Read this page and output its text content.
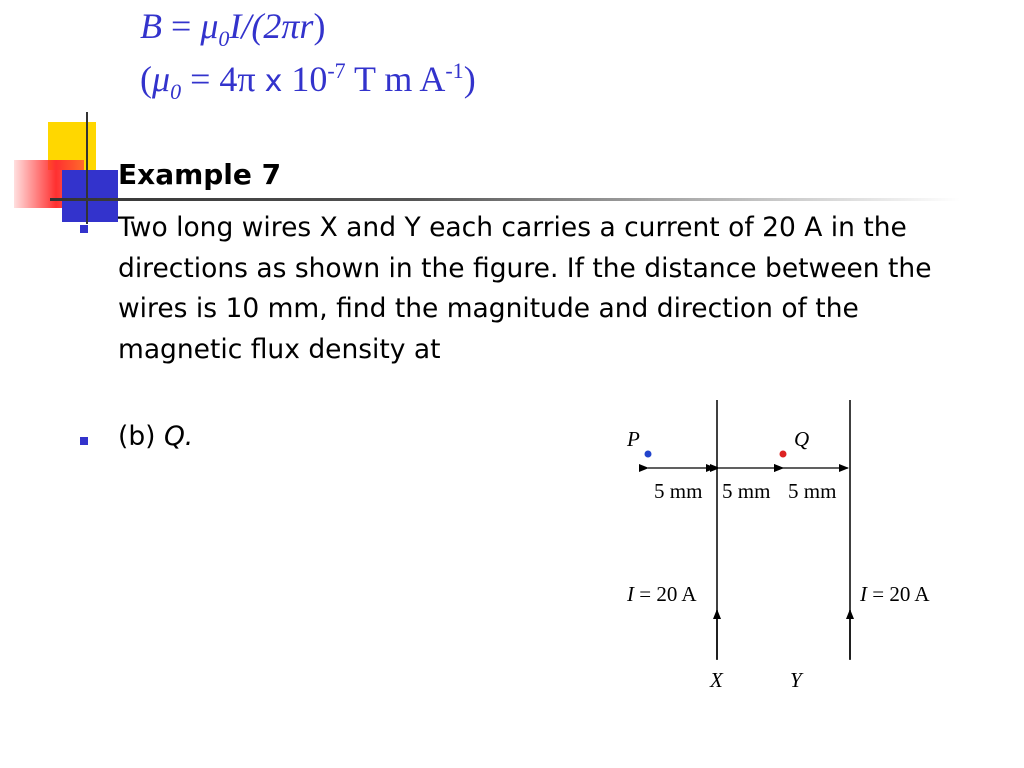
$B = \mu_0I/(2\pi r)$
($\mu_0 = 4\pi$ x $10^{-7}$ T m $A^{-1}$)
Example 7
Two long wires X and Y each carries a current of 20 A in the directions as shown in the figure. If the distance between the wires is 10 mm, find the magnitude and direction of the magnetic flux density at
(b) Q.	P	Q
5 mm 5 mm 5 mm
I = 20 A	I = 20 A
X	Y
